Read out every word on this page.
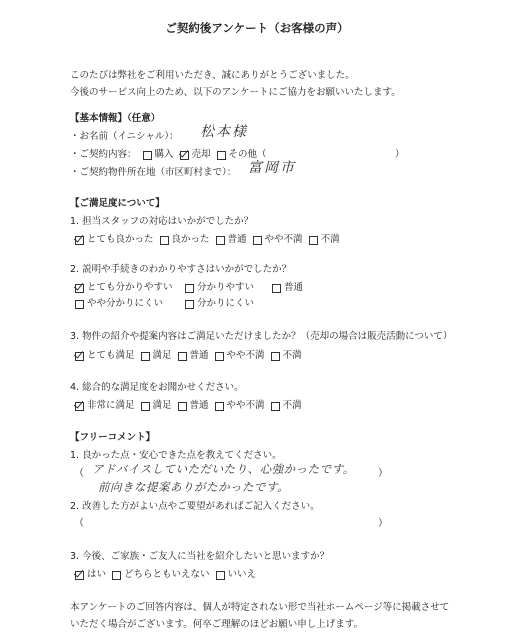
ご契約後アンケート（お客様の声）
このたびは弊社をご利用いただき、誠にありがとうございました。
今後のサービス向上のため、以下のアンケートにご協力をお願いいたします。
【基本情報】（任意）
・お名前（イニシャル）： 松本様
・ご契約内容： 購入 売却 その他（	）
・ご契約物件所在地（市区町村まで）： 富岡市
【ご満足度について】
1. 担当スタッフの対応はいかがでしたか？
とても良かった 良かった 普通 やや不満 不満
2. 説明や手続きのわかりやすさはいかがでしたか？
とても分かりやすい	分かりやすい	普通
やや分かりにくい	分かりにくい
3. 物件の紹介や提案内容はご満足いただけましたか？（売却の場合は販売活動について）
とても満足 満足 普通 やや不満 不満
4. 総合的な満足度をお聞かせください。
非常に満足 満足 普通 やや不満 不満
【フリーコメント】
1. 良かった点・安心できた点を教えてください。
（ アドバイスしていただいたり、心強かったです。
前向きな提案ありがたかったです。
）
2. 改善した方がよい点やご要望があればご記入ください。
（	）
3. 今後、ご家族・ご友人に当社を紹介したいと思いますか？
はい どちらともいえない いいえ
本アンケートのご回答内容は、個人が特定されない形で当社ホームページ等に掲載させて
いただく場合がございます。何卒ご理解のほどお願い申し上げます。
